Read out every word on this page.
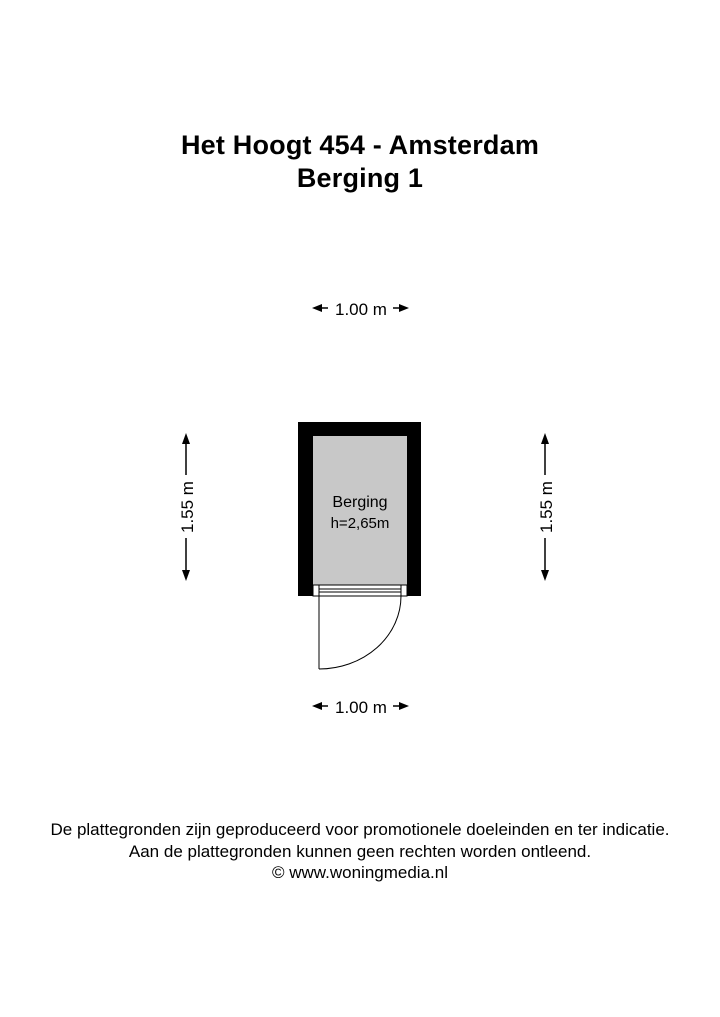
Het Hoogt 454 - Amsterdam
Berging 1
Berging
h=2,65m
1.00 m
1.00 m
1.55 m	1.55 m
De plattegronden zijn geproduceerd voor promotionele doeleinden en ter indicatie.
Aan de plattegronden kunnen geen rechten worden ontleend.
© www.woningmedia.nl
